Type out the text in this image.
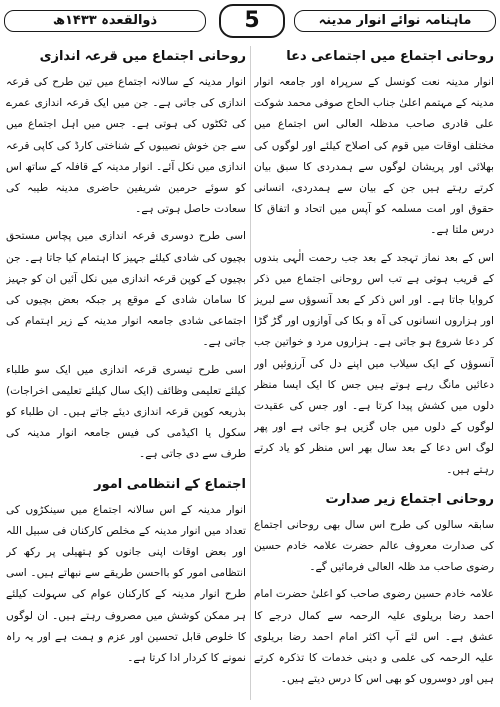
ذوالقعدہ ۱۴۳۳ھ	5	ماہنامہ نوائے انوار مدینہ
روحانی اجتماع میں اجتماعی دعا

انوار مدینہ نعت کونسل کے سرپراہ اور جامعہ انوار مدینہ کے مہتمم اعلیٰ جناب الحاج صوفی محمد شوکت علی قادری صاحب مدظلہ العالی اس اجتماع میں مختلف اوقات میں قوم کی اصلاح کیلئے اور لوگوں کی بھلائی اور پریشان لوگوں سے ہمدردی کا سبق بیان کرتے رہتے ہیں جن کے بیان سے ہمدردی، انسانی حقوق اور امت مسلمہ کو آپس میں اتحاد و اتفاق کا درس ملتا ہے۔

اس کے بعد نماز تہجد کے بعد جب رحمت الٰہی بندوں کے قریب ہوتی ہے تب اس روحانی اجتماع میں ذکر کروایا جاتا ہے۔ اور اس ذکر کے بعد آنسوؤں سے لبریز اور ہزاروں انسانوں کی آہ و بکا کی آوازوں اور گڑ گڑا کر دعا شروع ہو جاتی ہے۔ ہزاروں مرد و خواتین جب آنسوؤں کے ایک سیلاب میں اپنے دل کی آرزوئیں اور دعائیں مانگ رہے ہوتے ہیں جس کا ایک ایسا منظر دلوں میں کشش پیدا کرتا ہے۔ اور جس کی عقیدت لوگوں کے دلوں میں جاں گزیں ہو جاتی ہے اور پھر لوگ اس دعا کے بعد سال بھر اس منظر کو یاد کرتے رہتے ہیں۔

روحانی اجتماع زیر صدارت

سابقہ سالوں کی طرح اس سال بھی روحانی اجتماع کی صدارت معروف عالم حضرت علامہ خادم حسین رضوی صاحب مد ظلہ العالی فرمائیں گے۔

علامہ خادم حسین رضوی صاحب کو اعلیٰ حضرت امام احمد رضا بریلوی علیہ الرحمہ سے کمال درجے کا عشق ہے۔ اس لئے آپ اکثر امام احمد رضا بریلوی علیہ الرحمہ کی علمی و دینی خدمات کا تذکرہ کرتے ہیں اور دوسروں کو بھی اس کا درس دیتے ہیں۔

روحانی اجتماع میں قرعہ اندازی

انوار مدینہ کے سالانہ اجتماع میں تین طرح کی قرعہ اندازی کی جاتی ہے۔ جن میں ایک قرعہ اندازی عمرے کی ٹکٹوں کی ہوتی ہے۔ جس میں اہل اجتماع میں سے جن خوش نصیبوں کے شناختی کارڈ کی کاپی قرعہ اندازی میں نکل آئے۔ انوار مدینہ کے قافلہ کے ساتھ اس کو سوئے حرمین شریفین حاضری مدینہ طیبہ کی سعادت حاصل ہوتی ہے۔

اسی طرح دوسری قرعہ اندازی میں پچاس مستحق بچیوں کی شادی کیلئے جہیز کا اہتمام کیا جاتا ہے۔ جن بچیوں کے کوپن قرعہ اندازی میں نکل آئیں ان کو جہیز کا سامان شادی کے موقع پر جبکہ بعض بچیوں کی اجتماعی شادی جامعہ انوار مدینہ کے زیر اہتمام کی جاتی ہے۔

اسی طرح تیسری قرعہ اندازی میں ایک سو طلباء کیلئے تعلیمی وظائف (ایک سال کیلئے تعلیمی اخراجات) بذریعہ کوپن قرعہ اندازی دیئے جاتے ہیں۔ ان طلباء کو سکول یا اکیڈمی کی فیس جامعہ انوار مدینہ کی طرف سے دی جاتی ہے۔

اجتماع کے انتظامی امور

انوار مدینہ کے اس سالانہ اجتماع میں سینکڑوں کی تعداد میں انوار مدینہ کے مخلص کارکنان فی سبیل اللہ اور بعض اوقات اپنی جانوں کو ہتھیلی پر رکھ کر انتظامی امور کو بااحسن طریقے سے نبھاتے ہیں۔ اسی طرح انوار مدینہ کے کارکنان عوام کی سہولت کیلئے ہر ممکن کوشش میں مصروف رہتے ہیں۔ ان لوگوں کا خلوص قابل تحسین اور عزم و ہمت ہے اور یہ راہ نمونے کا کردار ادا کرتا ہے۔
